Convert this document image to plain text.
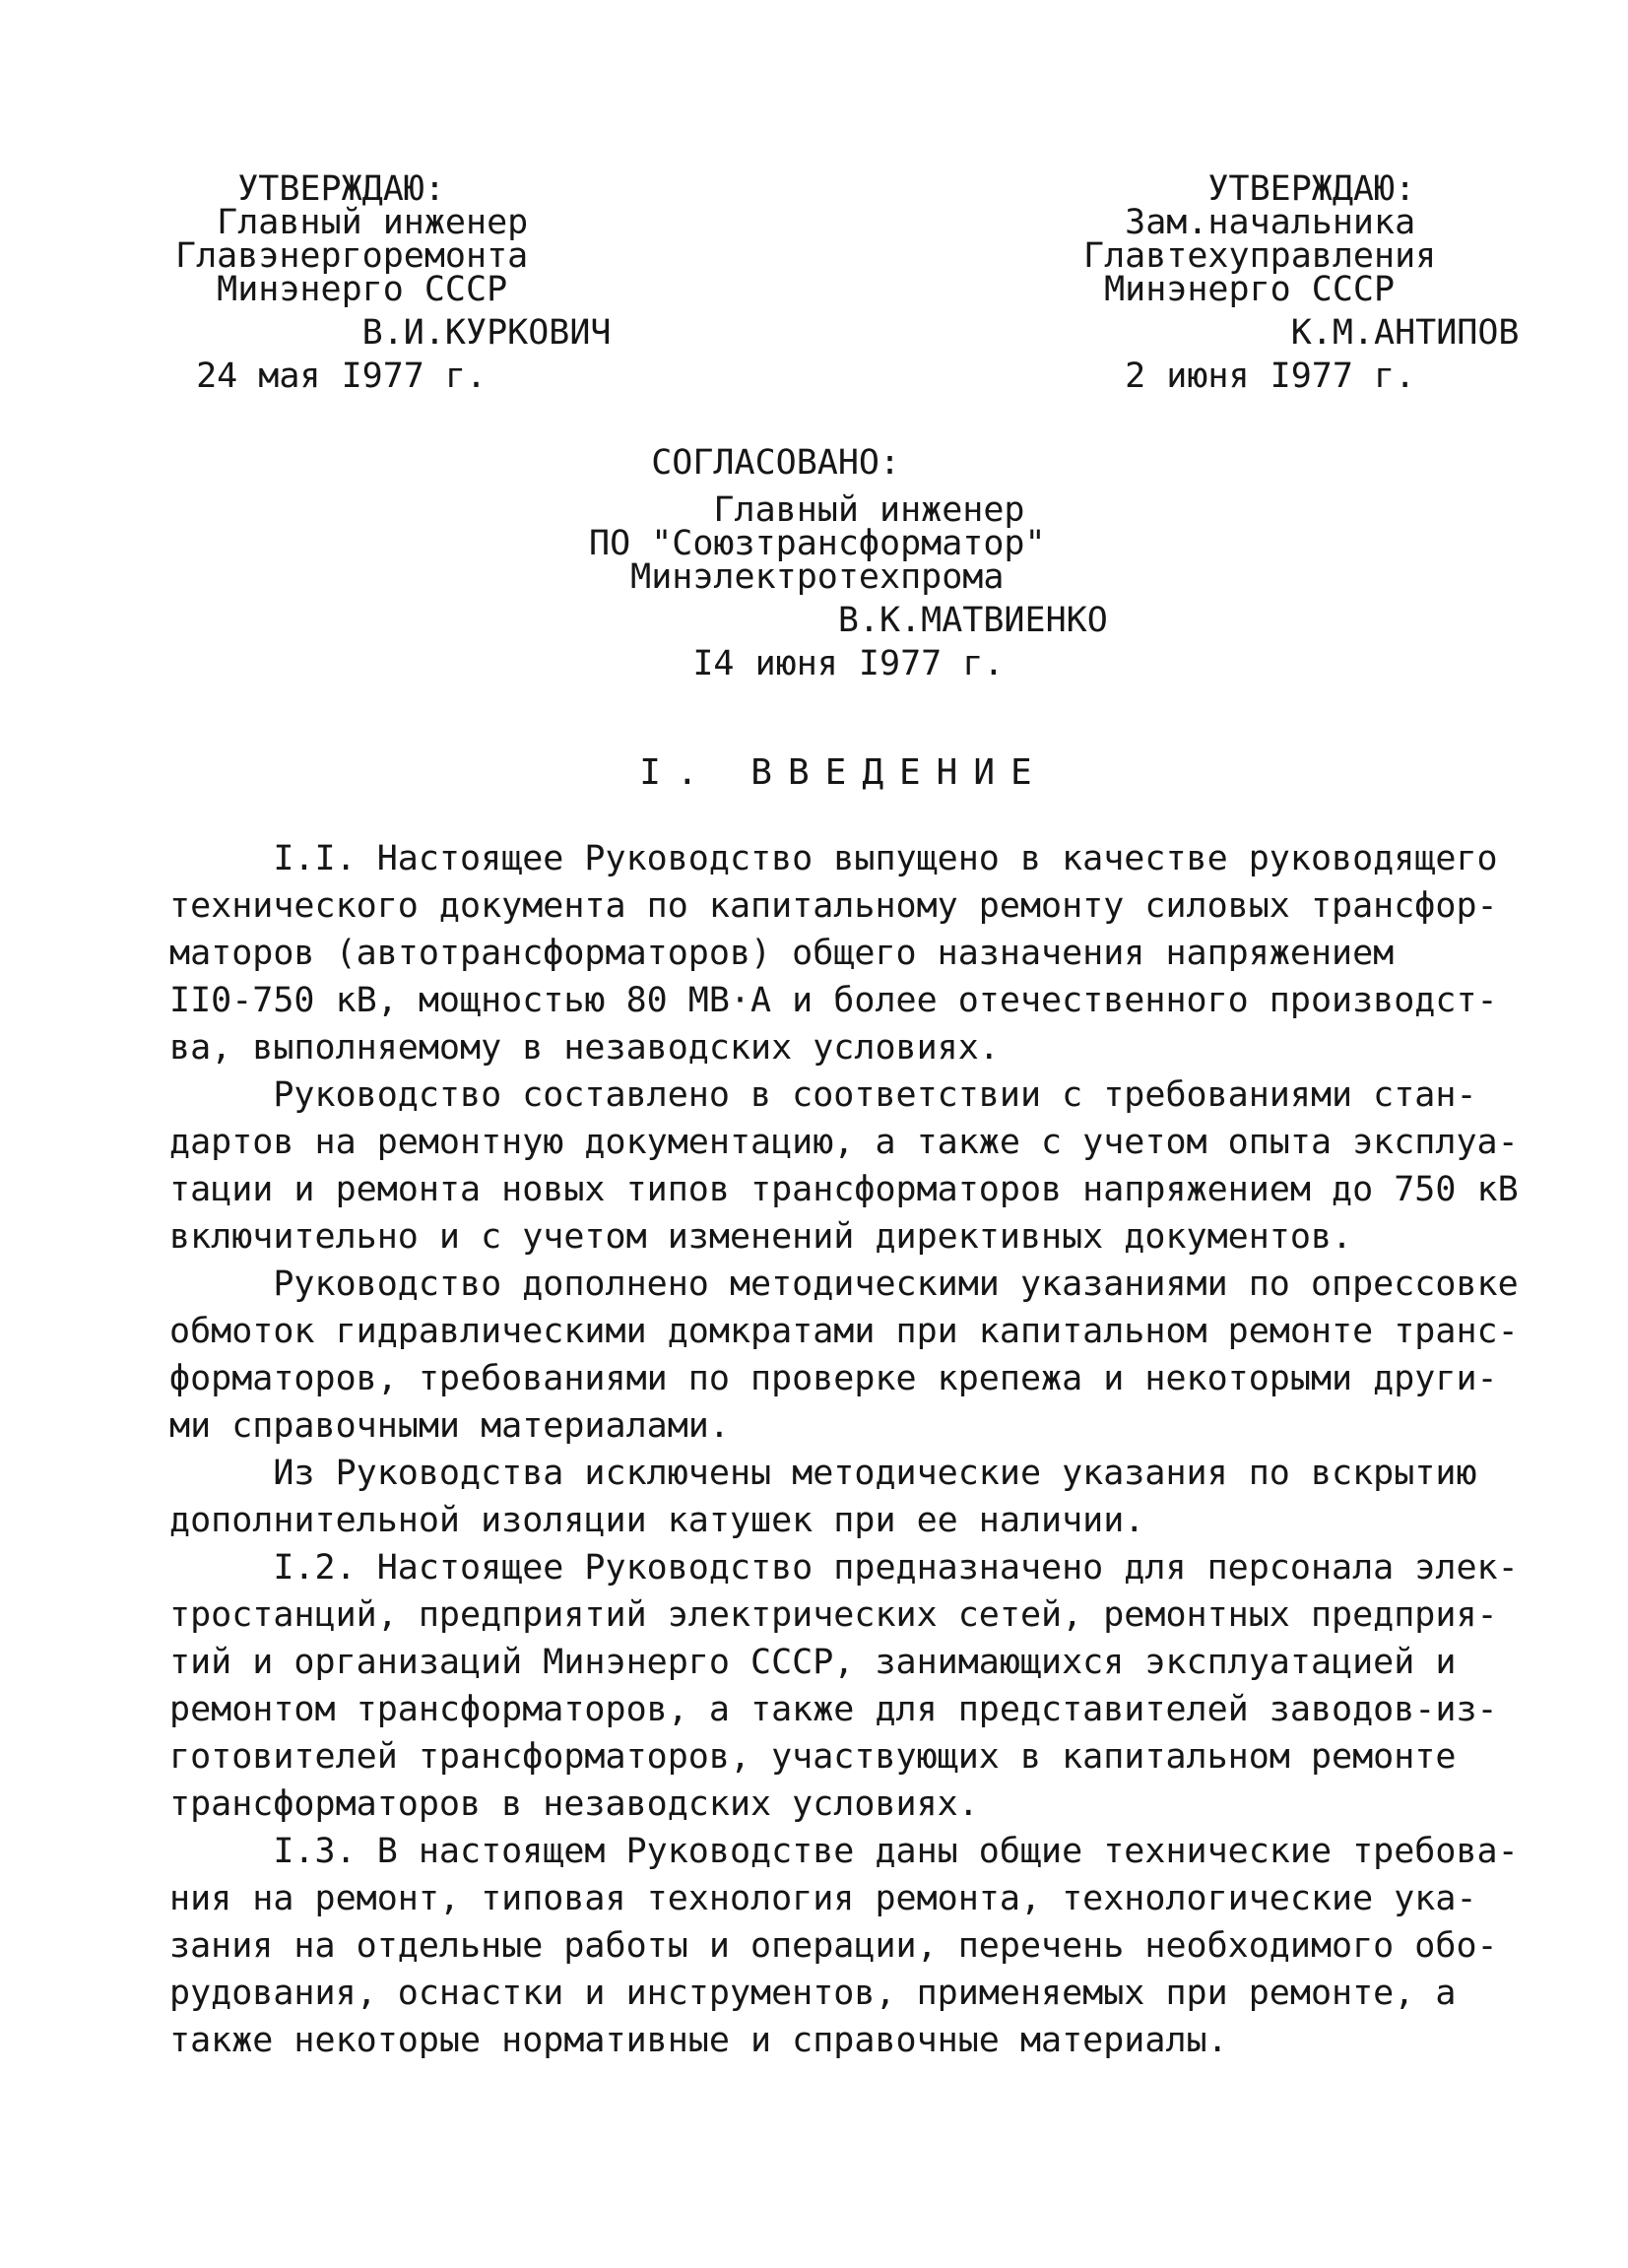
УТВЕРЖДАЮ:
Главный инженер
Главэнергоремонта
Минэнерго СССР
В.И.КУРКОВИЧ
24 мая I977 г.
УТВЕРЖДАЮ:
Зам.начальника
Главтехуправления
Минэнерго СССР
К.М.АНТИПОВ
2 июня I977 г.
СОГЛАСОВАНО:
Главный инженер
ПО "Союзтрансформатор"
Минэлектротехпрома
В.К.МАТВИЕНКО
I4 июня I977 г.
I. ВВЕДЕНИЕ
I.I. Настоящее Руководство выпущено в качестве руководящего
технического документа по капитальному ремонту силовых трансфор-
маторов (автотрансформаторов) общего назначения напряжением
II0-750 кВ, мощностью 80 МВ·А и более отечественного производст-
ва, выполняемому в незаводских условиях.
Руководство составлено в соответствии с требованиями стан-
дартов на ремонтную документацию, а также с учетом опыта эксплуа-
тации и ремонта новых типов трансформаторов напряжением до 750 кВ
включительно и с учетом изменений директивных документов.
Руководство дополнено методическими указаниями по опрессовке
обмоток гидравлическими домкратами при капитальном ремонте транс-
форматоров, требованиями по проверке крепежа и некоторыми други-
ми справочными материалами.
Из Руководства исключены методические указания по вскрытию
дополнительной изоляции катушек при ее наличии.
I.2. Настоящее Руководство предназначено для персонала элек-
тростанций, предприятий электрических сетей, ремонтных предприя-
тий и организаций Минэнерго СССР, занимающихся эксплуатацией и
ремонтом трансформаторов, а также для представителей заводов-из-
готовителей трансформаторов, участвующих в капитальном ремонте
трансформаторов в незаводских условиях.
I.3. В настоящем Руководстве даны общие технические требова-
ния на ремонт, типовая технология ремонта, технологические ука-
зания на отдельные работы и операции, перечень необходимого обо-
рудования, оснастки и инструментов, применяемых при ремонте, а
также некоторые нормативные и справочные материалы.
